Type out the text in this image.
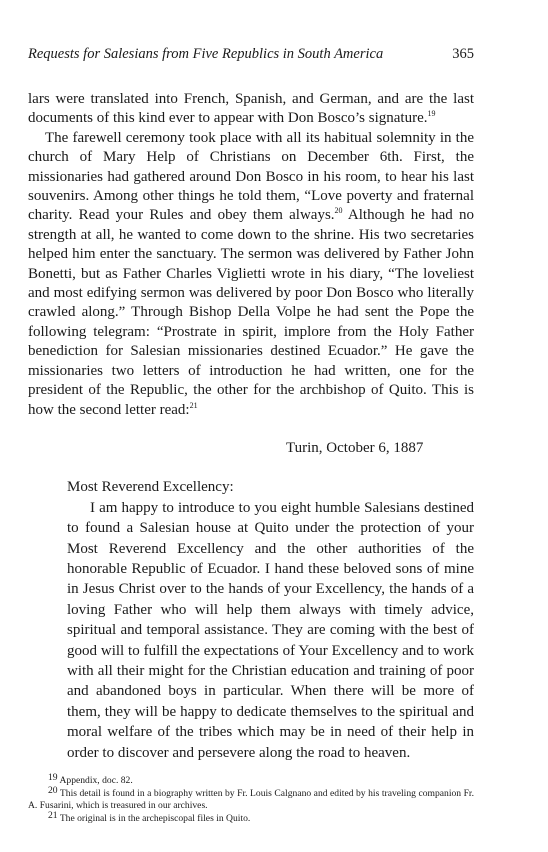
Requests for Salesians from Five Republics in South America	365

lars were translated into French, Spanish, and German, and are the last documents of this kind ever to appear with Don Bosco’s signature.$^{19}$

The farewell ceremony took place with all its habitual solemnity in the church of Mary Help of Christians on December 6th. First, the missionaries had gathered around Don Bosco in his room, to hear his last souvenirs. Among other things he told them, “Love poverty and fraternal charity. Read your Rules and obey them always.$^{20}$ Although he had no strength at all, he wanted to come down to the shrine. His two secretaries helped him enter the sanctuary. The sermon was delivered by Father John Bonetti, but as Father Charles Viglietti wrote in his diary, “The loveliest and most edifying sermon was delivered by poor Don Bosco who literally crawled along.” Through Bishop Della Volpe he had sent the Pope the following telegram: “Prostrate in spirit, implore from the Holy Father benediction for Salesian missionaries destined Ecuador.” He gave the missionaries two letters of introduction he had written, one for the president of the Republic, the other for the archbishop of Quito. This is how the second letter read:$^{21}$

Turin, October 6, 1887

Most Reverend Excellency:

I am happy to introduce to you eight humble Salesians destined to found a Salesian house at Quito under the protection of your Most Reverend Excellency and the other authorities of the honorable Republic of Ecuador. I hand these beloved sons of mine in Jesus Christ over to the hands of your Excellency, the hands of a loving Father who will help them always with timely advice, spiritual and temporal assistance. They are coming with the best of good will to fulfill the expectations of Your Excellency and to work with all their might for the Christian education and training of poor and abandoned boys in particular. When there will be more of them, they will be happy to dedicate themselves to the spiritual and moral welfare of the tribes which may be in need of their help in order to discover and persevere along the road to heaven.

19 Appendix, doc. 82.

20 This detail is found in a biography written by Fr. Louis Calgnano and edited by his traveling companion Fr. A. Fusarini, which is treasured in our archives.

21 The original is in the archepiscopal files in Quito.
